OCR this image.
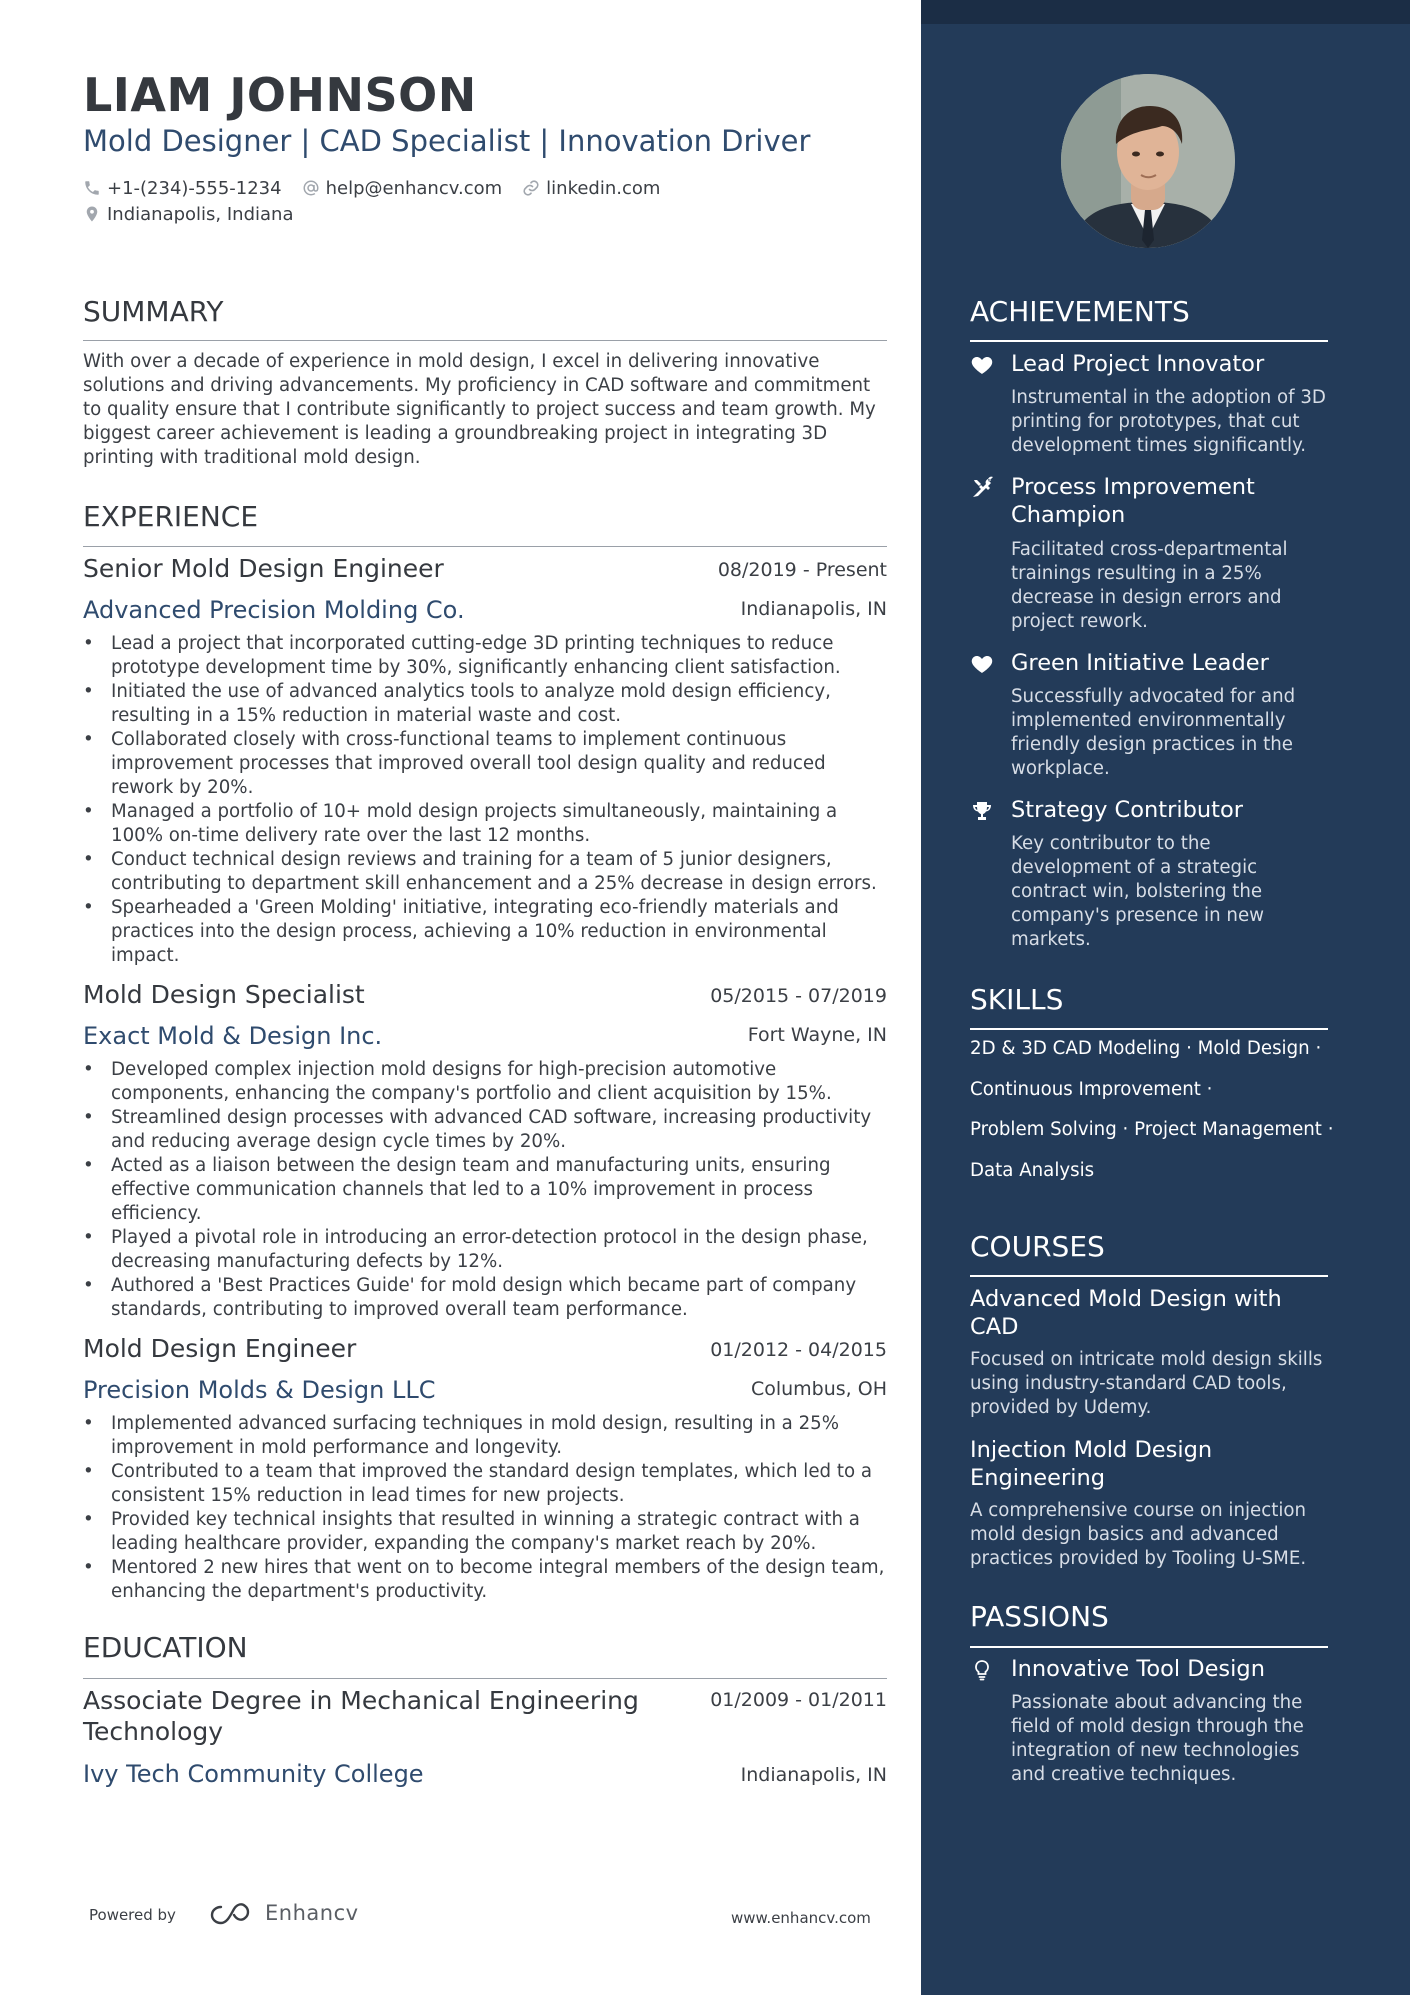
LIAM JOHNSON
Mold Designer | CAD Specialist | Innovation Driver
+1-(234)-555-1234 help@enhancv.com linkedin.com
Indianapolis, Indiana
SUMMARY
With over a decade of experience in mold design, I excel in delivering innovative solutions and driving advancements. My proficiency in CAD software and commitment to quality ensure that I contribute significantly to project success and team growth. My biggest career achievement is leading a groundbreaking project in integrating 3D printing with traditional mold design.
EXPERIENCE
Senior Mold Design Engineer	08/2019 - Present
Advanced Precision Molding Co.	Indianapolis, IN
• Lead a project that incorporated cutting-edge 3D printing techniques to reduce prototype development time by 30%, significantly enhancing client satisfaction.
• Initiated the use of advanced analytics tools to analyze mold design efficiency, resulting in a 15% reduction in material waste and cost.
• Collaborated closely with cross-functional teams to implement continuous improvement processes that improved overall tool design quality and reduced rework by 20%.
• Managed a portfolio of 10+ mold design projects simultaneously, maintaining a 100% on-time delivery rate over the last 12 months.
• Conduct technical design reviews and training for a team of 5 junior designers, contributing to department skill enhancement and a 25% decrease in design errors.
• Spearheaded a 'Green Molding' initiative, integrating eco-friendly materials and practices into the design process, achieving a 10% reduction in environmental impact.
Mold Design Specialist	05/2015 - 07/2019
Exact Mold & Design Inc.	Fort Wayne, IN
• Developed complex injection mold designs for high-precision automotive components, enhancing the company's portfolio and client acquisition by 15%.
• Streamlined design processes with advanced CAD software, increasing productivity and reducing average design cycle times by 20%.
• Acted as a liaison between the design team and manufacturing units, ensuring effective communication channels that led to a 10% improvement in process efficiency.
• Played a pivotal role in introducing an error-detection protocol in the design phase, decreasing manufacturing defects by 12%.
• Authored a 'Best Practices Guide' for mold design which became part of company standards, contributing to improved overall team performance.
Mold Design Engineer	01/2012 - 04/2015
Precision Molds & Design LLC	Columbus, OH
• Implemented advanced surfacing techniques in mold design, resulting in a 25% improvement in mold performance and longevity.
• Contributed to a team that improved the standard design templates, which led to a consistent 15% reduction in lead times for new projects.
• Provided key technical insights that resulted in winning a strategic contract with a leading healthcare provider, expanding the company's market reach by 20%.
• Mentored 2 new hires that went on to become integral members of the design team, enhancing the department's productivity.
EDUCATION
Associate Degree in Mechanical Engineering Technology
01/2009 - 01/2011
Ivy Tech Community College	Indianapolis, IN
Powered by	Enhancv	www.enhancv.com
ACHIEVEMENTS
Lead Project Innovator
Instrumental in the adoption of 3D printing for prototypes, that cut development times significantly.
Process Improvement Champion
Facilitated cross-departmental trainings resulting in a 25% decrease in design errors and project rework.
Green Initiative Leader
Successfully advocated for and implemented environmentally friendly design practices in the workplace.
Strategy Contributor
Key contributor to the development of a strategic contract win, bolstering the company's presence in new markets.
SKILLS
2D & 3D CAD Modeling · Mold Design ·
Continuous Improvement ·
Problem Solving · Project Management ·
Data Analysis
COURSES
Advanced Mold Design with CAD
Focused on intricate mold design skills using industry-standard CAD tools, provided by Udemy.
Injection Mold Design Engineering
A comprehensive course on injection mold design basics and advanced practices provided by Tooling U-SME.
PASSIONS
Innovative Tool Design
Passionate about advancing the field of mold design through the integration of new technologies and creative techniques.
